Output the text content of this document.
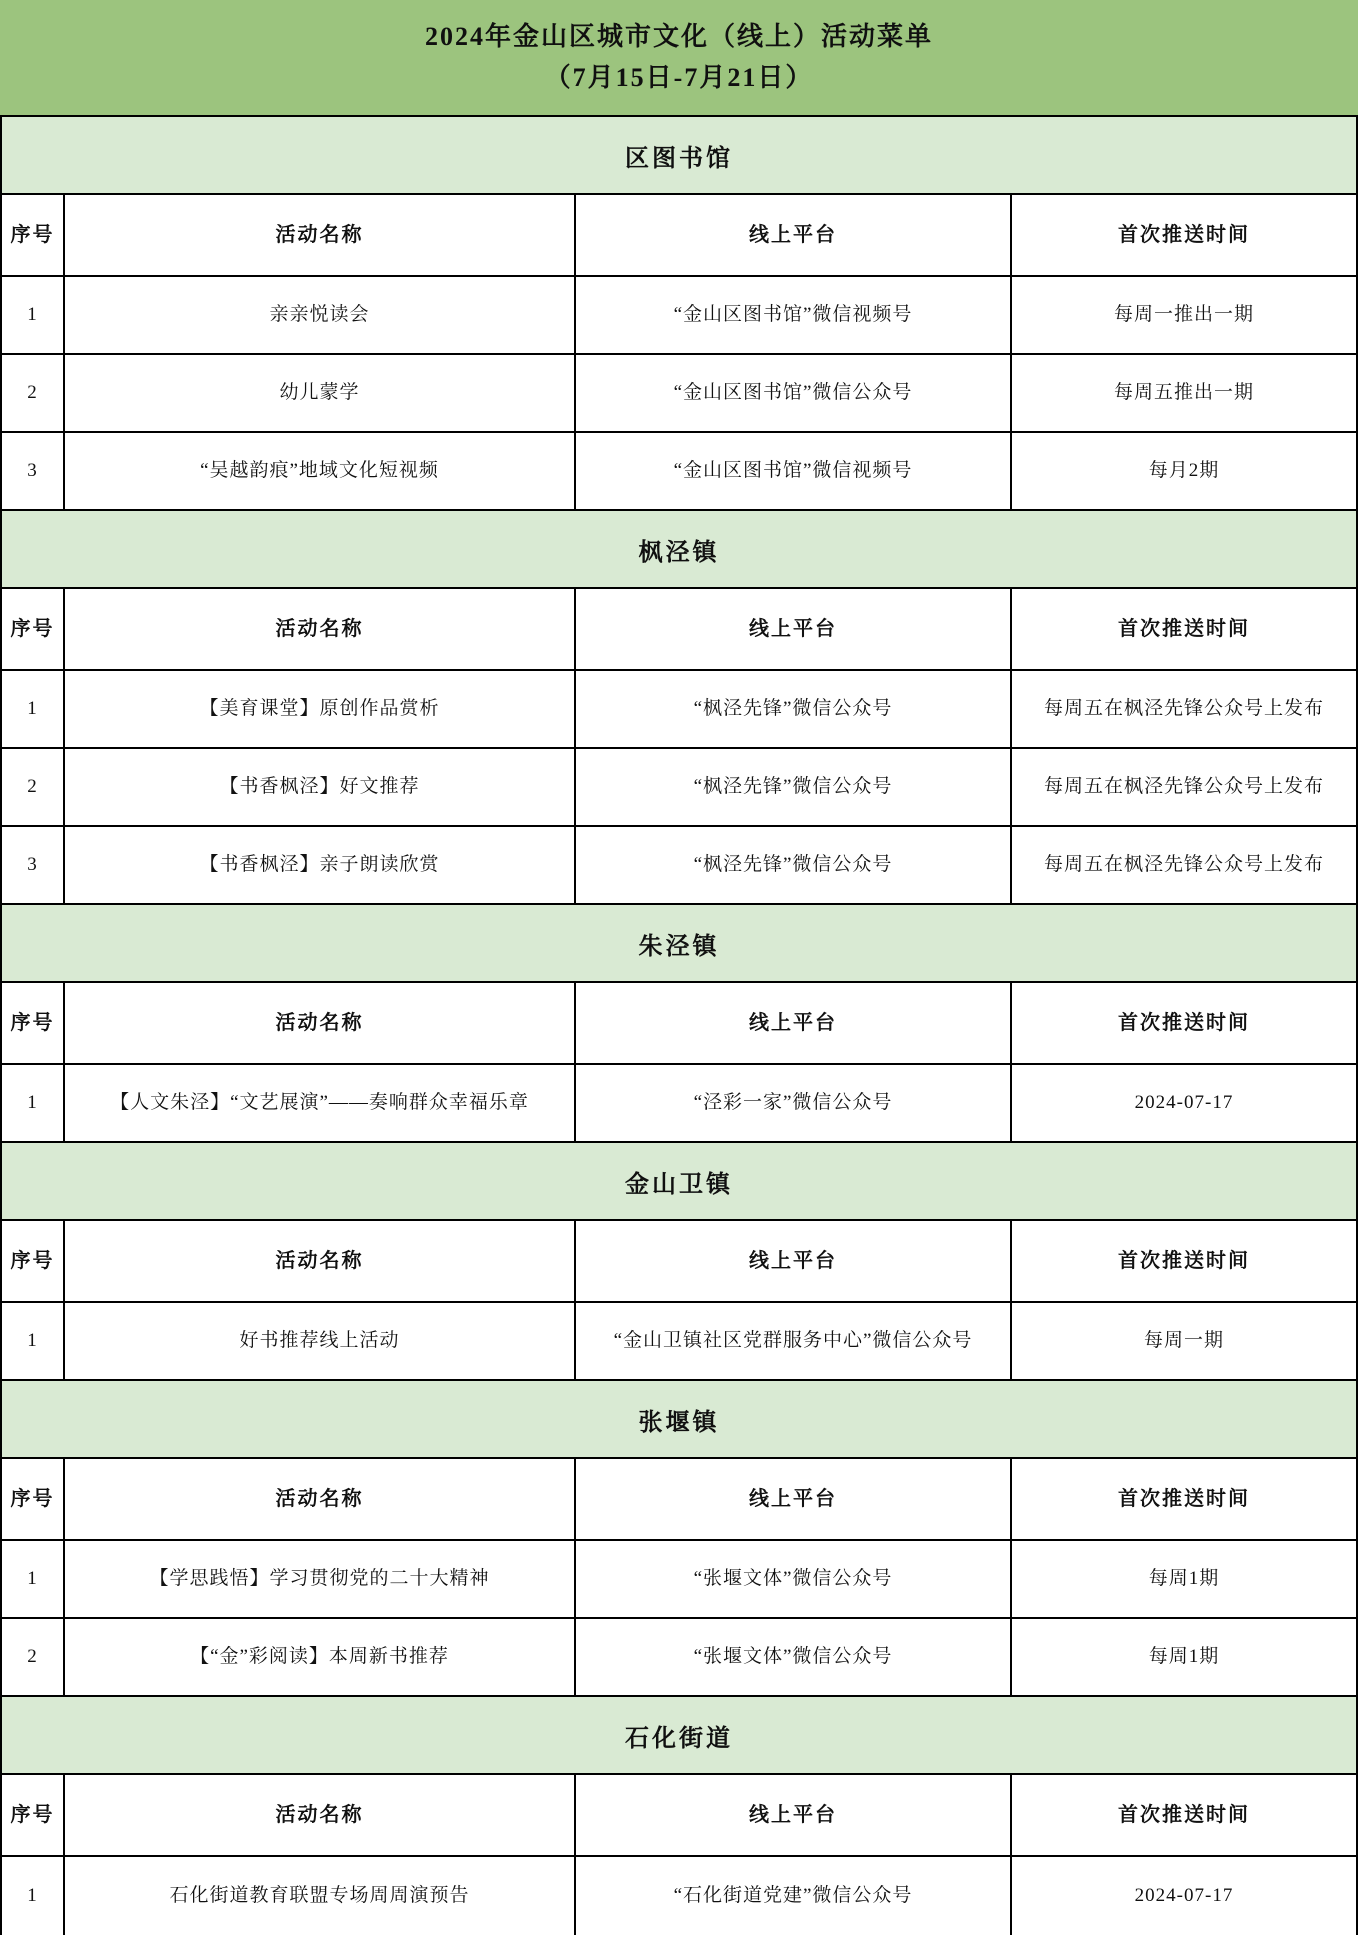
2024年金山区城市文化（线上）活动菜单
（7月15日-7月21日）
区图书馆
序号	活动名称	线上平台	首次推送时间
1	亲亲悦读会	“金山区图书馆”微信视频号	每周一推出一期
2	幼儿蒙学	“金山区图书馆”微信公众号	每周五推出一期
3	“吴越韵痕”地域文化短视频	“金山区图书馆”微信视频号	每月2期
枫泾镇
序号	活动名称	线上平台	首次推送时间
1	【美育课堂】原创作品赏析	“枫泾先锋”微信公众号	每周五在枫泾先锋公众号上发布
2	【书香枫泾】好文推荐	“枫泾先锋”微信公众号	每周五在枫泾先锋公众号上发布
3	【书香枫泾】亲子朗读欣赏	“枫泾先锋”微信公众号	每周五在枫泾先锋公众号上发布
朱泾镇
序号	活动名称	线上平台	首次推送时间
1	【人文朱泾】“文艺展演”——奏响群众幸福乐章	“泾彩一家”微信公众号	2024-07-17
金山卫镇
序号	活动名称	线上平台	首次推送时间
1	好书推荐线上活动	“金山卫镇社区党群服务中心”微信公众号	每周一期
张堰镇
序号	活动名称	线上平台	首次推送时间
1	【学思践悟】学习贯彻党的二十大精神	“张堰文体”微信公众号	每周1期
2	【“金”彩阅读】本周新书推荐	“张堰文体”微信公众号	每周1期
石化街道
序号	活动名称	线上平台	首次推送时间
1	石化街道教育联盟专场周周演预告	“石化街道党建”微信公众号	2024-07-17
